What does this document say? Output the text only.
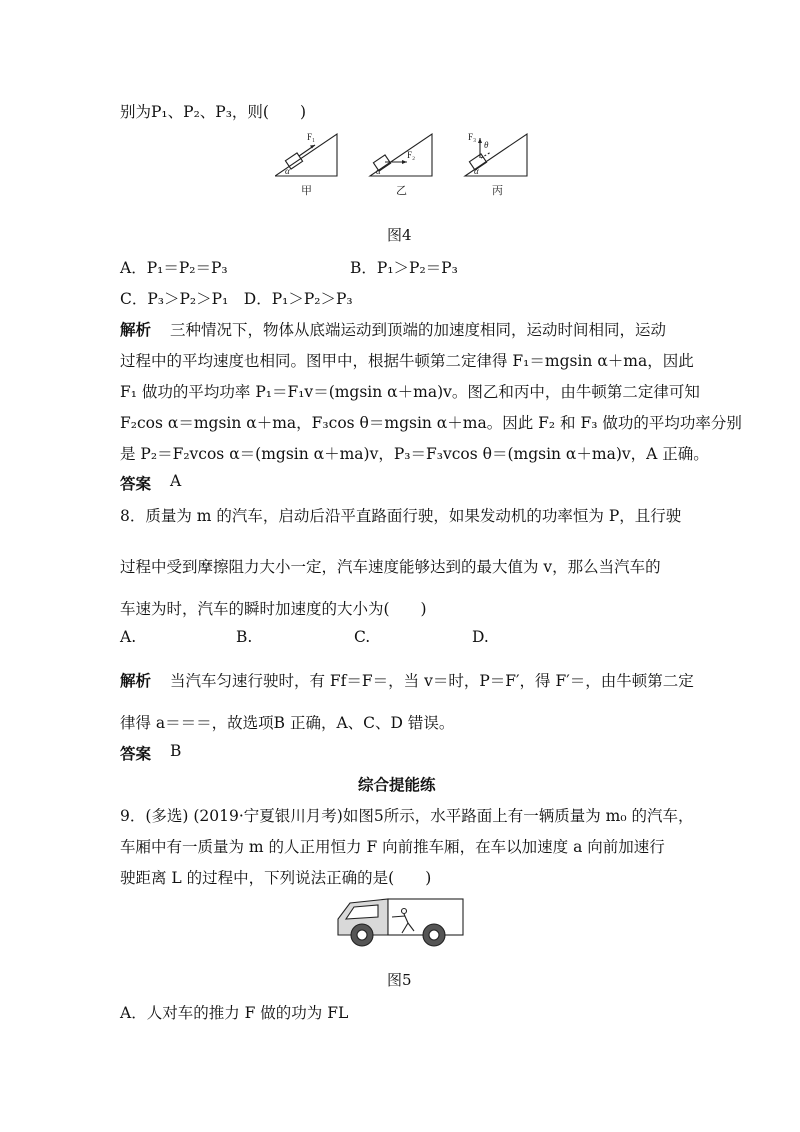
别为P₁、P₂、P₃，则(　　)
F₁
α
F₂
α
F₃
θ
α
甲	乙	丙
图4
A．P₁＝P₂＝P₃	B．P₁＞P₂＝P₃
C．P₃＞P₂＞P₁　D．P₁＞P₂＞P₃
解析 三种情况下，物体从底端运动到顶端的加速度相同，运动时间相同，运动
过程中的平均速度也相同。图甲中，根据牛顿第二定律得 F₁＝mgsin α＋ma，因此
F₁ 做功的平均功率 P₁＝F₁v＝(mgsin α＋ma)v。图乙和丙中，由牛顿第二定律可知
F₂cos α＝mgsin α＋ma，F₃cos θ＝mgsin α＋ma。因此 F₂ 和 F₃ 做功的平均功率分别
是 P₂＝F₂vcos α＝(mgsin α＋ma)v，P₃＝F₃vcos θ＝(mgsin α＋ma)v，A 正确。
答案 A
8．质量为 m 的汽车，启动后沿平直路面行驶，如果发动机的功率恒为 P，且行驶
过程中受到摩擦阻力大小一定，汽车速度能够达到的最大值为 v，那么当汽车的
车速为时，汽车的瞬时加速度的大小为(　　)
A.	B.	C.	D.
解析 当汽车匀速行驶时，有 Ff＝F＝，当 v＝时，P＝F′，得 F′＝，由牛顿第二定
律得 a＝＝＝，故选项B 正确，A、C、D 错误。
答案 B
综合提能练
9．(多选) (2019·宁夏银川月考)如图5所示，水平路面上有一辆质量为 m₀ 的汽车，
车厢中有一质量为 m 的人正用恒力 F 向前推车厢，在车以加速度 a 向前加速行
驶距离 L 的过程中，下列说法正确的是(　　)
图5
A．人对车的推力 F 做的功为 FL
